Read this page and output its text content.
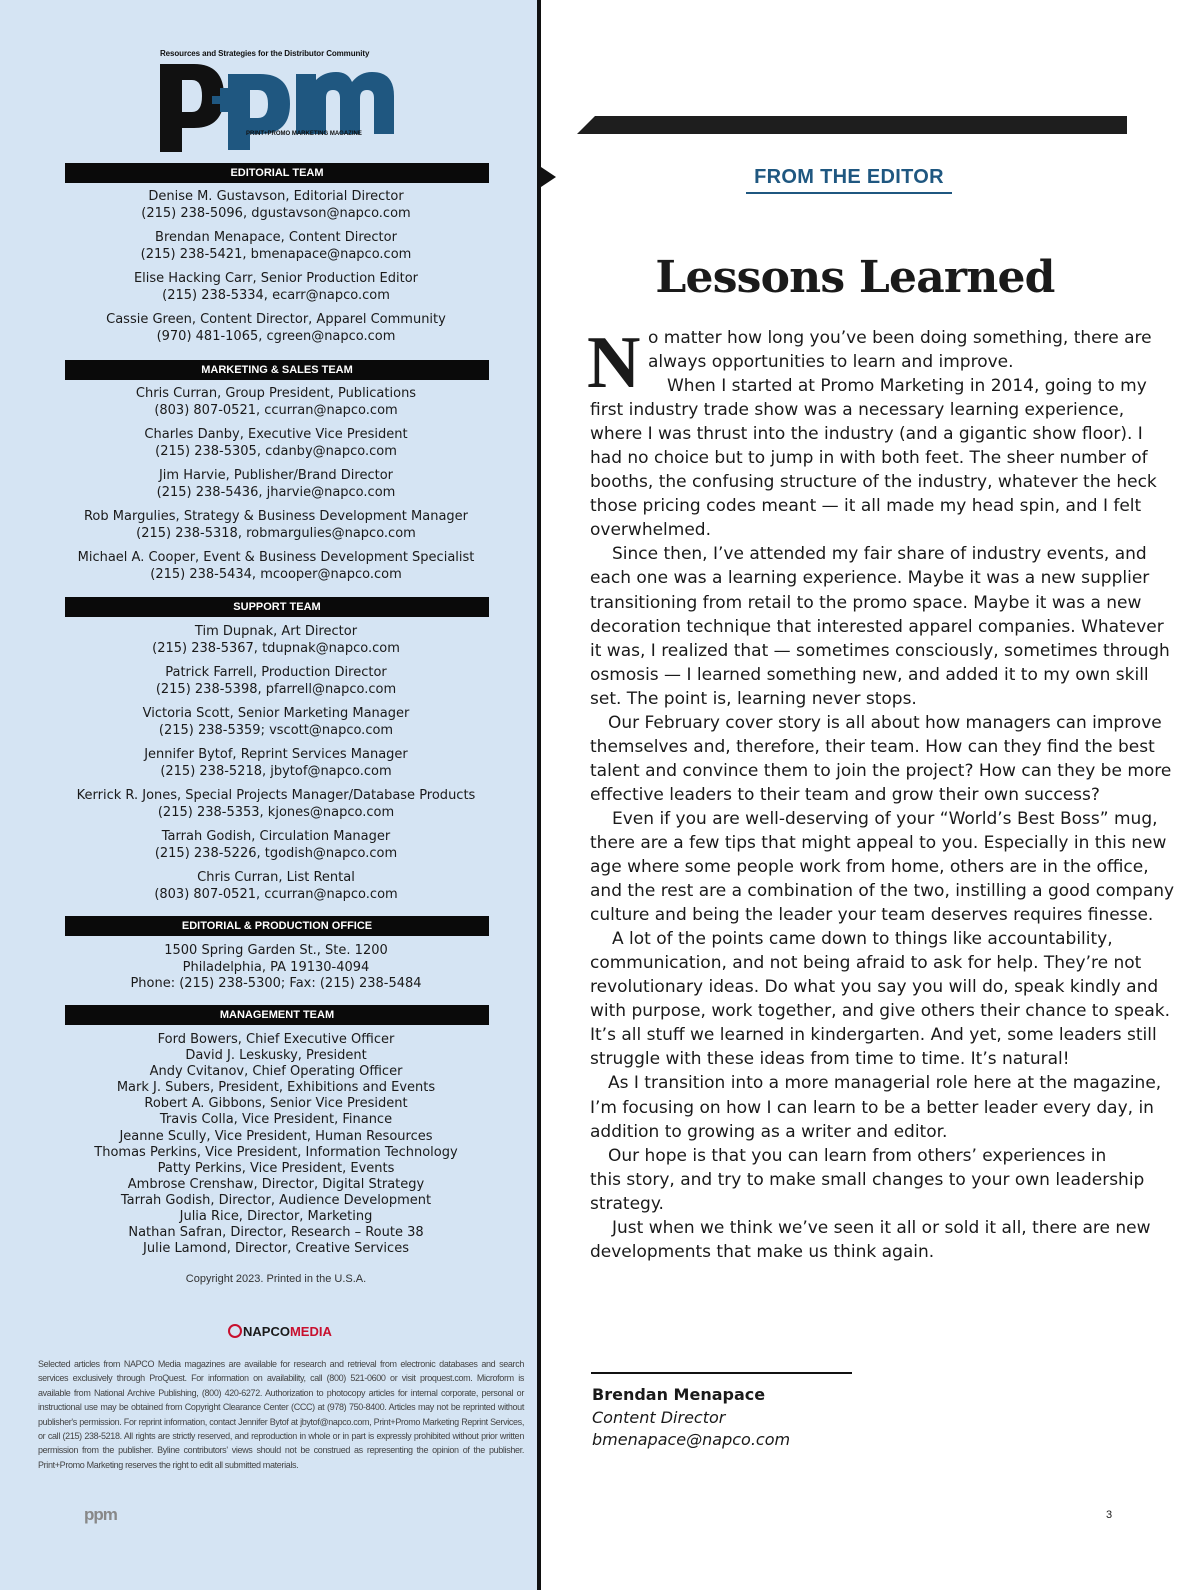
Resources and Strategies for the Distributor Community
PRINT+PROMO MARKETING MAGAZINE
EDITORIAL TEAM
Denise M. Gustavson, Editorial Director
(215) 238-5096, dgustavson@napco.com
Brendan Menapace, Content Director
(215) 238-5421, bmenapace@napco.com
Elise Hacking Carr, Senior Production Editor
(215) 238-5334, ecarr@napco.com
Cassie Green, Content Director, Apparel Community
(970) 481-1065, cgreen@napco.com
MARKETING & SALES TEAM
Chris Curran, Group President, Publications
(803) 807-0521, ccurran@napco.com
Charles Danby, Executive Vice President
(215) 238-5305, cdanby@napco.com
Jim Harvie, Publisher/Brand Director
(215) 238-5436, jharvie@napco.com
Rob Margulies, Strategy & Business Development Manager
(215) 238-5318, robmargulies@napco.com
Michael A. Cooper, Event & Business Development Specialist
(215) 238-5434, mcooper@napco.com
SUPPORT TEAM
Tim Dupnak, Art Director
(215) 238-5367, tdupnak@napco.com
Patrick Farrell, Production Director
(215) 238-5398, pfarrell@napco.com
Victoria Scott, Senior Marketing Manager
(215) 238-5359; vscott@napco.com
Jennifer Bytof, Reprint Services Manager
(215) 238-5218, jbytof@napco.com
Kerrick R. Jones, Special Projects Manager/Database Products
(215) 238-5353, kjones@napco.com
Tarrah Godish, Circulation Manager
(215) 238-5226, tgodish@napco.com
Chris Curran, List Rental
(803) 807-0521, ccurran@napco.com
EDITORIAL & PRODUCTION OFFICE
1500 Spring Garden St., Ste. 1200
Philadelphia, PA 19130-4094
Phone: (215) 238-5300; Fax: (215) 238-5484
MANAGEMENT TEAM
Ford Bowers, Chief Executive Officer
David J. Leskusky, President
Andy Cvitanov, Chief Operating Officer
Mark J. Subers, President, Exhibitions and Events
Robert A. Gibbons, Senior Vice President
Travis Colla, Vice President, Finance
Jeanne Scully, Vice President, Human Resources
Thomas Perkins, Vice President, Information Technology
Patty Perkins, Vice President, Events
Ambrose Crenshaw, Director, Digital Strategy
Tarrah Godish, Director, Audience Development
Julia Rice, Director, Marketing
Nathan Safran, Director, Research – Route 38
Julie Lamond, Director, Creative Services
Copyright 2023. Printed in the U.S.A.
NAPCOMEDIA
Selected articles from NAPCO Media magazines are available for research and retrieval from electronic databases and search services exclusively through ProQuest. For information on availability, call (800) 521-0600 or visit proquest.com. Microform is available from National Archive Publishing, (800) 420-6272. Authorization to photocopy articles for internal corporate, personal or instructional use may be obtained from Copyright Clearance Center (CCC) at (978) 750-8400. Articles may not be reprinted without publisher's permission. For reprint information, contact Jennifer Bytof at jbytof@napco.com, Print+Promo Marketing Reprint Services, or call (215) 238-5218. All rights are strictly reserved, and reproduction in whole or in part is expressly prohibited without prior written permission from the publisher. Byline contributors' views should not be construed as representing the opinion of the publisher. Print+Promo Marketing reserves the right to edit all submitted materials.
ppm
FROM THE EDITOR
Lessons Learned
N o matter how long you’ve been doing something, there are
always opportunities to learn and improve.
When I started at Promo Marketing in 2014, going to my
first industry trade show was a necessary learning experience,
where I was thrust into the industry (and a gigantic show floor). I
had no choice but to jump in with both feet. The sheer number of
booths, the confusing structure of the industry, whatever the heck
those pricing codes meant — it all made my head spin, and I felt
overwhelmed.
Since then, I’ve attended my fair share of industry events, and
each one was a learning experience. Maybe it was a new supplier
transitioning from retail to the promo space. Maybe it was a new
decoration technique that interested apparel companies. Whatever
it was, I realized that — sometimes consciously, sometimes through
osmosis — I learned something new, and added it to my own skill
set. The point is, learning never stops.
Our February cover story is all about how managers can improve
themselves and, therefore, their team. How can they find the best
talent and convince them to join the project? How can they be more
effective leaders to their team and grow their own success?
Even if you are well-deserving of your “World’s Best Boss” mug,
there are a few tips that might appeal to you. Especially in this new
age where some people work from home, others are in the office,
and the rest are a combination of the two, instilling a good company
culture and being the leader your team deserves requires finesse.
A lot of the points came down to things like accountability,
communication, and not being afraid to ask for help. They’re not
revolutionary ideas. Do what you say you will do, speak kindly and
with purpose, work together, and give others their chance to speak.
It’s all stuff we learned in kindergarten. And yet, some leaders still
struggle with these ideas from time to time. It’s natural!
As I transition into a more managerial role here at the magazine,
I’m focusing on how I can learn to be a better leader every day, in
addition to growing as a writer and editor.
Our hope is that you can learn from others’ experiences in
this story, and try to make small changes to your own leadership
strategy.
Just when we think we’ve seen it all or sold it all, there are new
developments that make us think again.
Brendan Menapace
Content Director
bmenapace@napco.com
3
